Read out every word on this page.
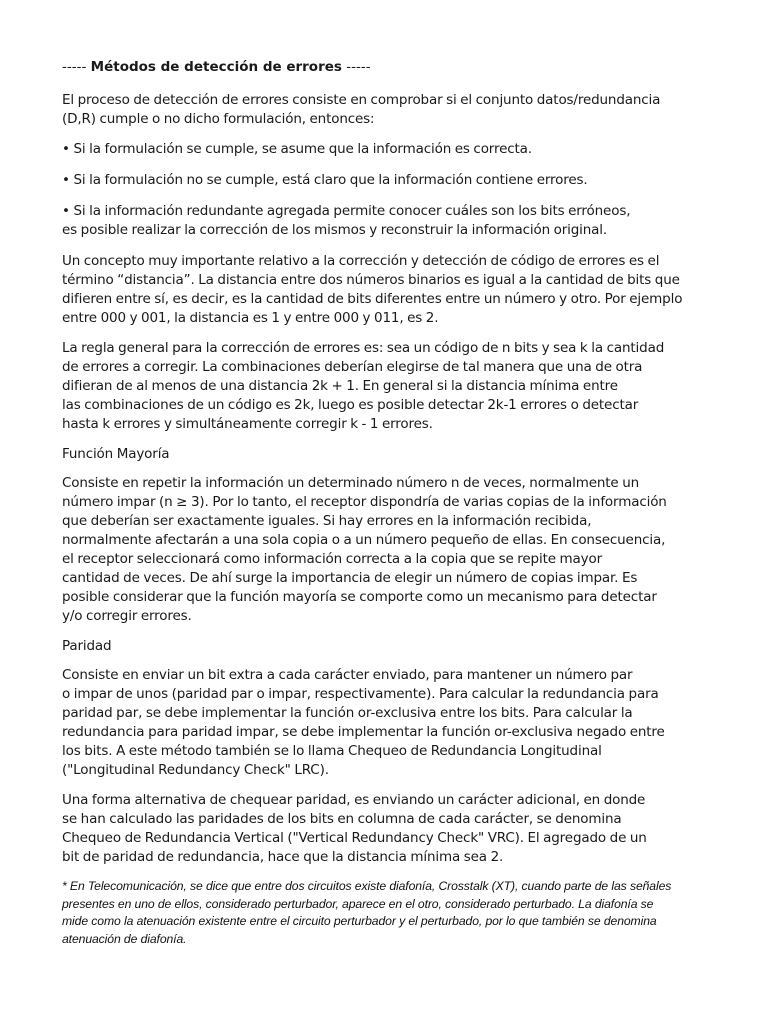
----- Métodos de detección de errores -----

El proceso de detección de errores consiste en comprobar si el conjunto datos/redundancia
(D,R) cumple o no dicho formulación, entonces:

• Si la formulación se cumple, se asume que la información es correcta.

• Si la formulación no se cumple, está claro que la información contiene errores.

• Si la información redundante agregada permite conocer cuáles son los bits erróneos,
es posible realizar la corrección de los mismos y reconstruir la información original.

Un concepto muy importante relativo a la corrección y detección de código de errores es el
término “distancia”. La distancia entre dos números binarios es igual a la cantidad de bits que
difieren entre sí, es decir, es la cantidad de bits diferentes entre un número y otro. Por ejemplo
entre 000 y 001, la distancia es 1 y entre 000 y 011, es 2.

La regla general para la corrección de errores es: sea un código de n bits y sea k la cantidad
de errores a corregir. La combinaciones deberían elegirse de tal manera que una de otra
difieran de al menos de una distancia 2k + 1. En general si la distancia mínima entre
las combinaciones de un código es 2k, luego es posible detectar 2k-1 errores o detectar
hasta k errores y simultáneamente corregir k - 1 errores.

Función Mayoría

Consiste en repetir la información un determinado número n de veces, normalmente un
número impar (n ≥ 3). Por lo tanto, el receptor dispondría de varias copias de la información
que deberían ser exactamente iguales. Si hay errores en la información recibida,
normalmente afectarán a una sola copia o a un número pequeño de ellas. En consecuencia,
el receptor seleccionará como información correcta a la copia que se repite mayor
cantidad de veces. De ahí surge la importancia de elegir un número de copias impar. Es
posible considerar que la función mayoría se comporte como un mecanismo para detectar
y/o corregir errores.

Paridad

Consiste en enviar un bit extra a cada carácter enviado, para mantener un número par
o impar de unos (paridad par o impar, respectivamente). Para calcular la redundancia para
paridad par, se debe implementar la función or-exclusiva entre los bits. Para calcular la
redundancia para paridad impar, se debe implementar la función or-exclusiva negado entre
los bits. A este método también se lo llama Chequeo de Redundancia Longitudinal
("Longitudinal Redundancy Check" LRC).

Una forma alternativa de chequear paridad, es enviando un carácter adicional, en donde
se han calculado las paridades de los bits en columna de cada carácter, se denomina
Chequeo de Redundancia Vertical ("Vertical Redundancy Check" VRC). El agregado de un
bit de paridad de redundancia, hace que la distancia mínima sea 2.

* En Telecomunicación, se dice que entre dos circuitos existe diafonía, Crosstalk (XT), cuando parte de las señales
presentes en uno de ellos, considerado perturbador, aparece en el otro, considerado perturbado. La diafonía se
mide como la atenuación existente entre el circuito perturbador y el perturbado, por lo que también se denomina
atenuación de diafonía.
